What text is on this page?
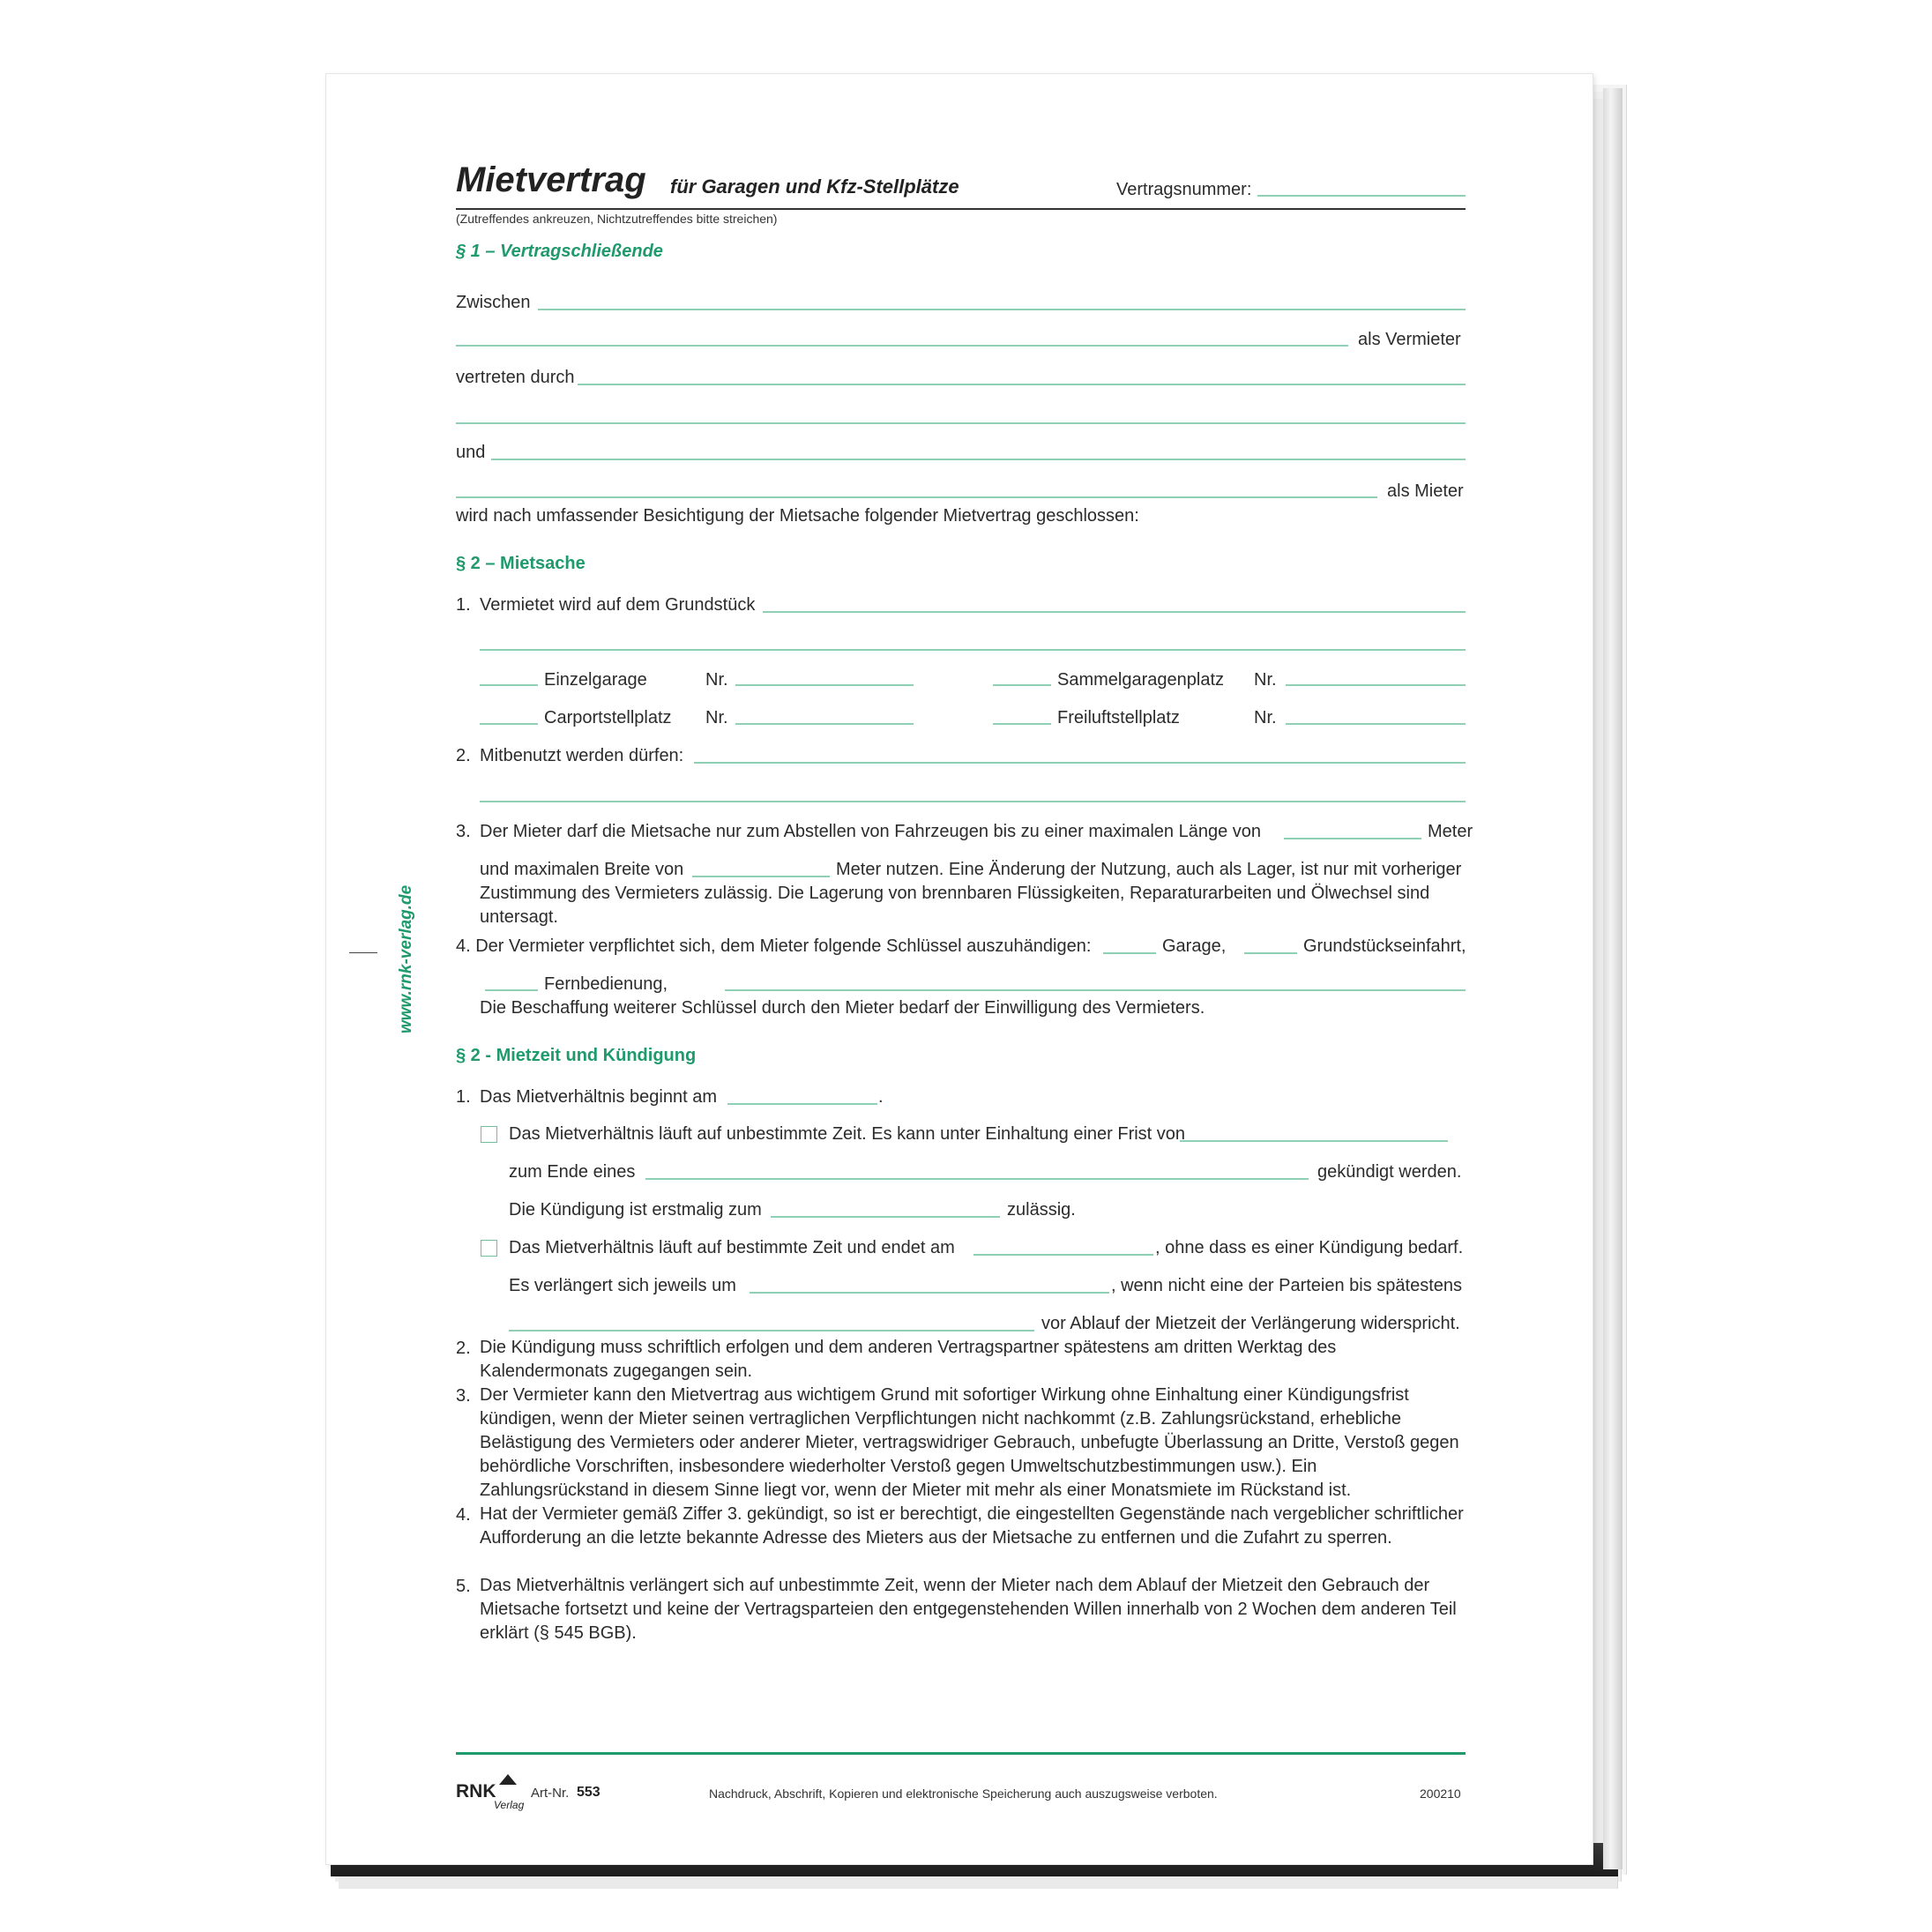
www.rnk-verlag.de
Mietvertrag für Garagen und Kfz-Stellplätze	Vertragsnummer:
(Zutreffendes ankreuzen, Nichtzutreffendes bitte streichen)
§ 1 – Vertragschließende
Zwischen
als Vermieter
vertreten durch
und
als Mieter
wird nach umfassender Besichtigung der Mietsache folgender Mietvertrag geschlossen:
§ 2 – Mietsache
1. Vermietet wird auf dem Grundstück
Einzelgarage	Nr.	Sammelgaragenplatz Nr.
Carportstellplatz Nr.	Freiluftstellplatz	Nr.
2. Mitbenutzt werden dürfen:
3. Der Mieter darf die Mietsache nur zum Abstellen von Fahrzeugen bis zu einer maximalen Länge von	Meter
und maximalen Breite von	Meter nutzen. Eine Änderung der Nutzung, auch als Lager, ist nur mit vorheriger
Zustimmung des Vermieters zulässig. Die Lagerung von brennbaren Flüssigkeiten, Reparaturarbeiten und Ölwechsel sind
untersagt.
4. Der Vermieter verpflichtet sich, dem Mieter folgende Schlüssel auszuhändigen:	Garage,	Grundstückseinfahrt,
Fernbedienung,
Die Beschaffung weiterer Schlüssel durch den Mieter bedarf der Einwilligung des Vermieters.
§ 2 - Mietzeit und Kündigung
1. Das Mietverhältnis beginnt am	.
Das Mietverhältnis läuft auf unbestimmte Zeit. Es kann unter Einhaltung einer Frist von
zum Ende eines	gekündigt werden.
Die Kündigung ist erstmalig zum	zulässig.
Das Mietverhältnis läuft auf bestimmte Zeit und endet am	, ohne dass es einer Kündigung bedarf.
Es verlängert sich jeweils um	, wenn nicht eine der Parteien bis spätestens
vor Ablauf der Mietzeit der Verlängerung widerspricht.
2. Die Kündigung muss schriftlich erfolgen und dem anderen Vertragspartner spätestens am dritten Werktag des Kalendermonats zugegangen sein.
3. Der Vermieter kann den Mietvertrag aus wichtigem Grund mit sofortiger Wirkung ohne Einhaltung einer Kündigungsfrist kündigen, wenn der Mieter seinen vertraglichen Verpflichtungen nicht nachkommt (z.B. Zahlungsrückstand, erhebliche Belästigung des Vermieters oder anderer Mieter, vertragswidriger Gebrauch, unbefugte Überlassung an Dritte, Verstoß gegen behördliche Vorschriften, insbesondere wiederholter Verstoß gegen Umweltschutzbestimmungen usw.). Ein Zahlungsrückstand in diesem Sinne liegt vor, wenn der Mieter mit mehr als einer Monatsmiete im Rückstand ist.
4. Hat der Vermieter gemäß Ziffer 3. gekündigt, so ist er berechtigt, die eingestellten Gegenstände nach vergeblicher schriftlicher Aufforderung an die letzte bekannte Adresse des Mieters aus der Mietsache zu entfernen und die Zufahrt zu sperren.
5. Das Mietverhältnis verlängert sich auf unbestimmte Zeit, wenn der Mieter nach dem Ablauf der Mietzeit den Gebrauch der Mietsache fortsetzt und keine der Vertragsparteien den entgegenstehenden Willen innerhalb von 2 Wochen dem anderen Teil erklärt (§ 545 BGB).
RNK
Verlag
Art-Nr. 553	Nachdruck, Abschrift, Kopieren und elektronische Speicherung auch auszugsweise verboten.	200210
